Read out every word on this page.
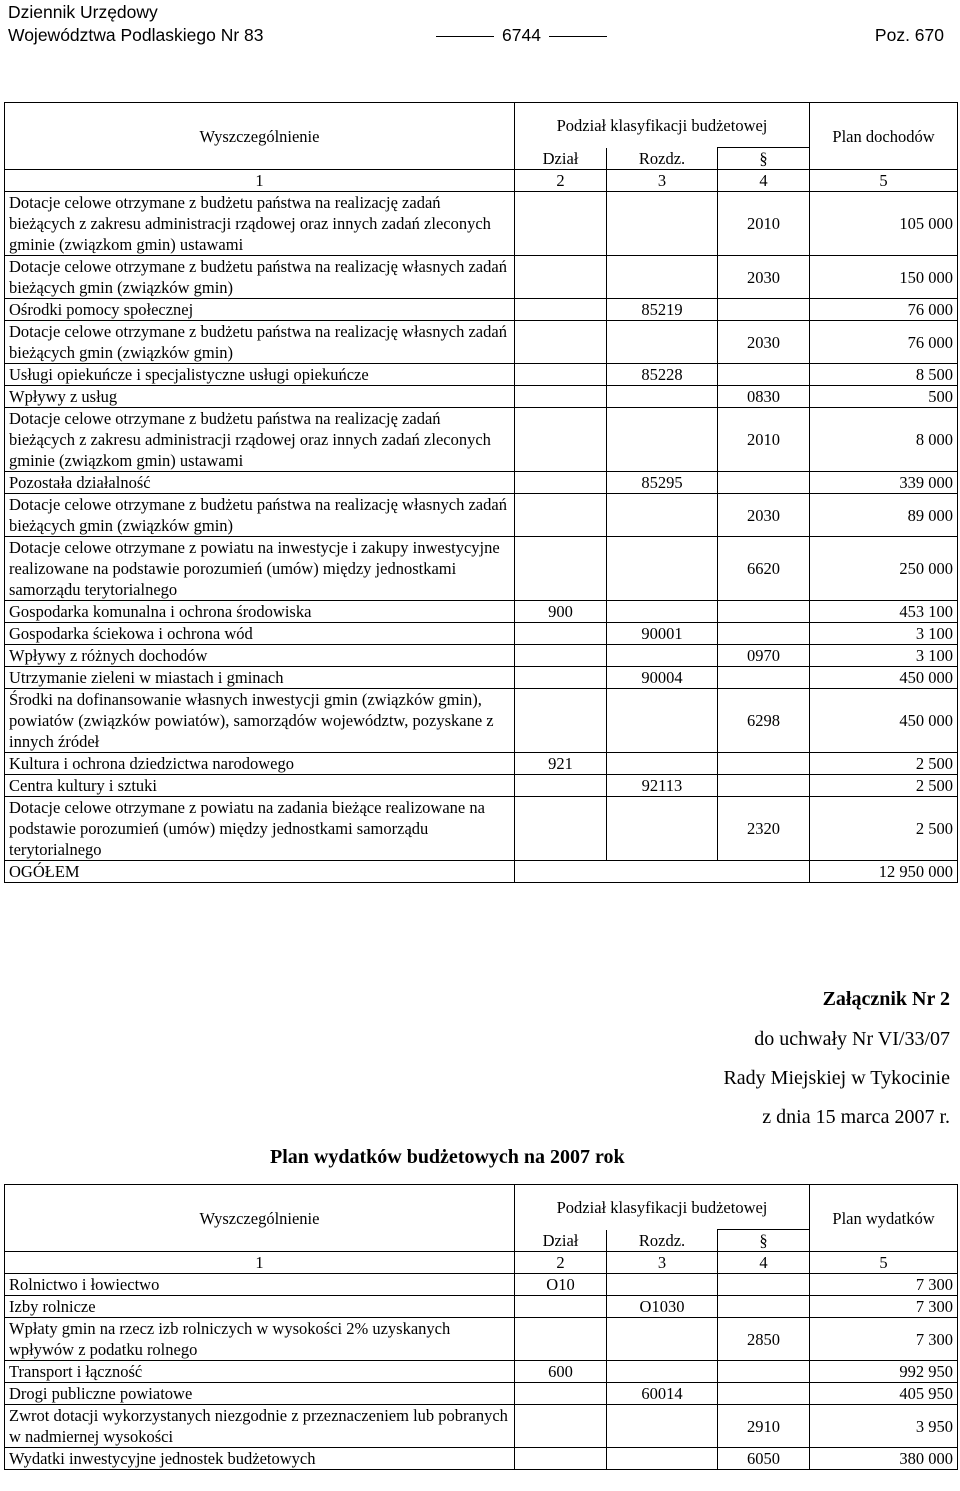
Dziennik Urzędowy
Województwa Podlaskiego Nr 83	6744	Poz. 670
Wyszczególnienie	Podział klasyfikacji budżetowej			Plan dochodów
	Dział	Rozdz.	§	
1	2	3	4	5
Dotacje celowe otrzymane z budżetu państwa na realizację zadań bieżących z zakresu administracji rządowej oraz innych zadań zleconych gminie (związkom gmin) ustawami			2010	105 000
Dotacje celowe otrzymane z budżetu państwa na realizację własnych zadań bieżących gmin (związków gmin)			2030	150 000
Ośrodki pomocy społecznej		85219		76 000
Dotacje celowe otrzymane z budżetu państwa na realizację własnych zadań bieżących gmin (związków gmin)			2030	76 000
Usługi opiekuńcze i specjalistyczne usługi opiekuńcze		85228		8 500
Wpływy z usług			0830	500
Dotacje celowe otrzymane z budżetu państwa na realizację zadań bieżących z zakresu administracji rządowej oraz innych zadań zleconych gminie (związkom gmin) ustawami			2010	8 000
Pozostała działalność		85295		339 000
Dotacje celowe otrzymane z budżetu państwa na realizację własnych zadań bieżących gmin (związków gmin)			2030	89 000
Dotacje celowe otrzymane z powiatu na inwestycje i zakupy inwestycyjne realizowane na podstawie porozumień (umów) między jednostkami samorządu terytorialnego			6620	250 000
Gospodarka komunalna i ochrona środowiska	900			453 100
Gospodarka ściekowa i ochrona wód		90001		3 100
Wpływy z różnych dochodów			0970	3 100
Utrzymanie zieleni w miastach i gminach		90004		450 000
Środki na dofinansowanie własnych inwestycji gmin (związków gmin), powiatów (związków powiatów), samorządów województw, pozyskane z innych źródeł			6298	450 000
Kultura i ochrona dziedzictwa narodowego	921			2 500
Centra kultury i sztuki		92113		2 500
Dotacje celowe otrzymane z powiatu na zadania bieżące realizowane na podstawie porozumień (umów) między jednostkami samorządu terytorialnego			2320	2 500
OGÓŁEM				12 950 000
Załącznik Nr 2
do uchwały Nr VI/33/07
Rady Miejskiej w Tykocinie
z dnia 15 marca 2007 r.
Plan wydatków budżetowych na 2007 rok
Wyszczególnienie	Podział klasyfikacji budżetowej			Plan wydatków
	Dział	Rozdz.	§	
1	2	3	4	5
Rolnictwo i łowiectwo	O10			7 300
Izby rolnicze		O1030		7 300
Wpłaty gmin na rzecz izb rolniczych w wysokości 2% uzyskanych wpływów z podatku rolnego			2850	7 300
Transport i łączność	600			992 950
Drogi publiczne powiatowe		60014		405 950
Zwrot dotacji wykorzystanych niezgodnie z przeznaczeniem lub pobranych w nadmiernej wysokości			2910	3 950
Wydatki inwestycyjne jednostek budżetowych			6050	380 000
